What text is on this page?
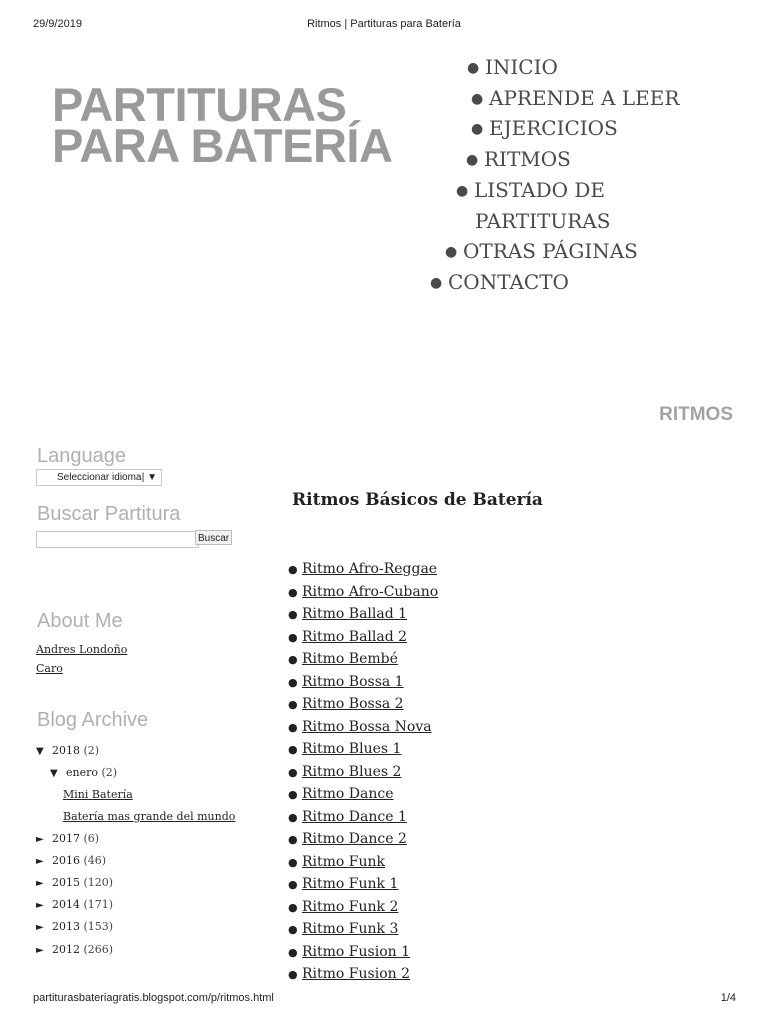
29/9/2019	Ritmos | Partituras para Batería
partiturasbateriagratis.blogspot.com/p/ritmos.html	1/4
PARTITURAS
PARA BATERÍA
● INICIO
● APRENDE A LEER
● EJERCICIOS
● RITMOS
● LISTADO DE
PARTITURAS
● OTRAS PÁGINAS
● CONTACTO
RITMOS
Language
Seleccionar idioma | ▼
Buscar Partitura
Buscar
About Me
Andres Londoño
Caro
Blog Archive
▼ 2018 (2)
▼ enero (2)
Mini Batería
Batería mas grande del mundo
► 2017 (6)
► 2016 (46)
► 2015 (120)
► 2014 (171)
► 2013 (153)
► 2012 (266)
Ritmos Básicos de Batería
● Ritmo Afro-Reggae
● Ritmo Afro-Cubano
● Ritmo Ballad 1
● Ritmo Ballad 2
● Ritmo Bembé
● Ritmo Bossa 1
● Ritmo Bossa 2
● Ritmo Bossa Nova
● Ritmo Blues 1
● Ritmo Blues 2
● Ritmo Dance
● Ritmo Dance 1
● Ritmo Dance 2
● Ritmo Funk
● Ritmo Funk 1
● Ritmo Funk 2
● Ritmo Funk 3
● Ritmo Fusion 1
● Ritmo Fusion 2
